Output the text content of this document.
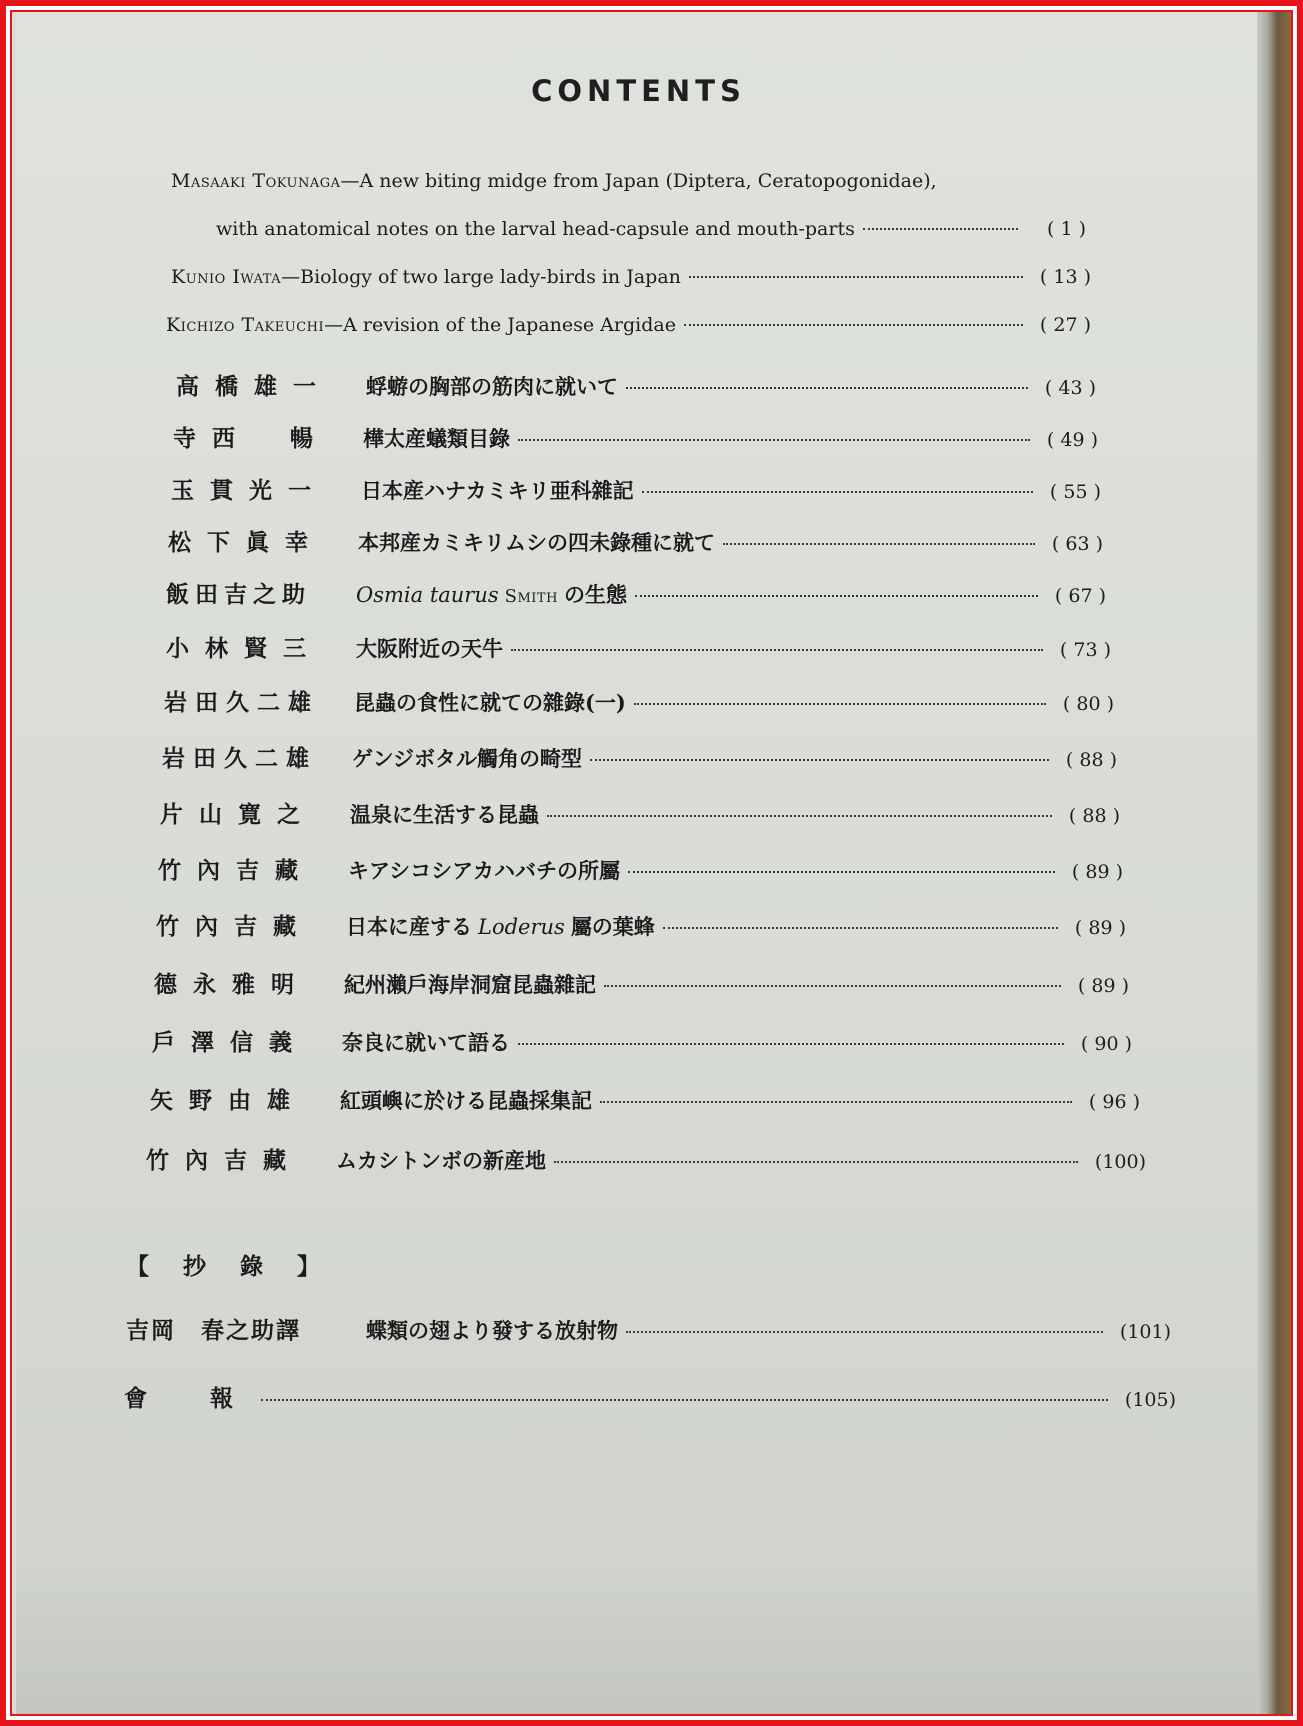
CONTENTS
Masaaki Tokunaga —A new biting midge from Japan (Diptera, Ceratopogonidae),
with anatomical notes on the larval head-capsule and mouth-parts	( 1 )
Kunio Iwata —Biology of two large lady-birds in Japan	( 13 )
Kichizo Takeuchi —A revision of the Japanese Argidae	( 27 )
高橋雄一	蜉蝣の胸部の筋肉に就いて	( 43 )
寺西　暢	樺太産蟻類目錄	( 49 )
玉貫光一	日本産ハナカミキリ亜科雜記	( 55 )
松下眞幸	本邦産カミキリムシの四未錄種に就て	( 63 )
飯田吉之助	Osmia taurus Smith の生態	( 67 )
小林賢三	大阪附近の天牛	( 73 )
岩田久二雄	昆蟲の食性に就ての雜錄(一)	( 80 )
岩田久二雄	ゲンジボタル觸角の畸型	( 88 )
片山寛之	温泉に生活する昆蟲	( 88 )
竹內吉藏	キアシコシアカハバチの所屬	( 89 )
竹內吉藏	日本に産する Loderus 屬の葉蜂	( 89 )
德永雅明	紀州瀨戶海岸洞窟昆蟲雜記	( 89 )
戶澤信義	奈良に就いて語る	( 90 )
矢野由雄	紅頭嶼に於ける昆蟲採集記	( 96 )
竹內吉藏	ムカシトンボの新産地	(100)
【抄錄】
吉岡　春之助譯	蝶類の翅より發する放射物	(101)
會　報	(105)
